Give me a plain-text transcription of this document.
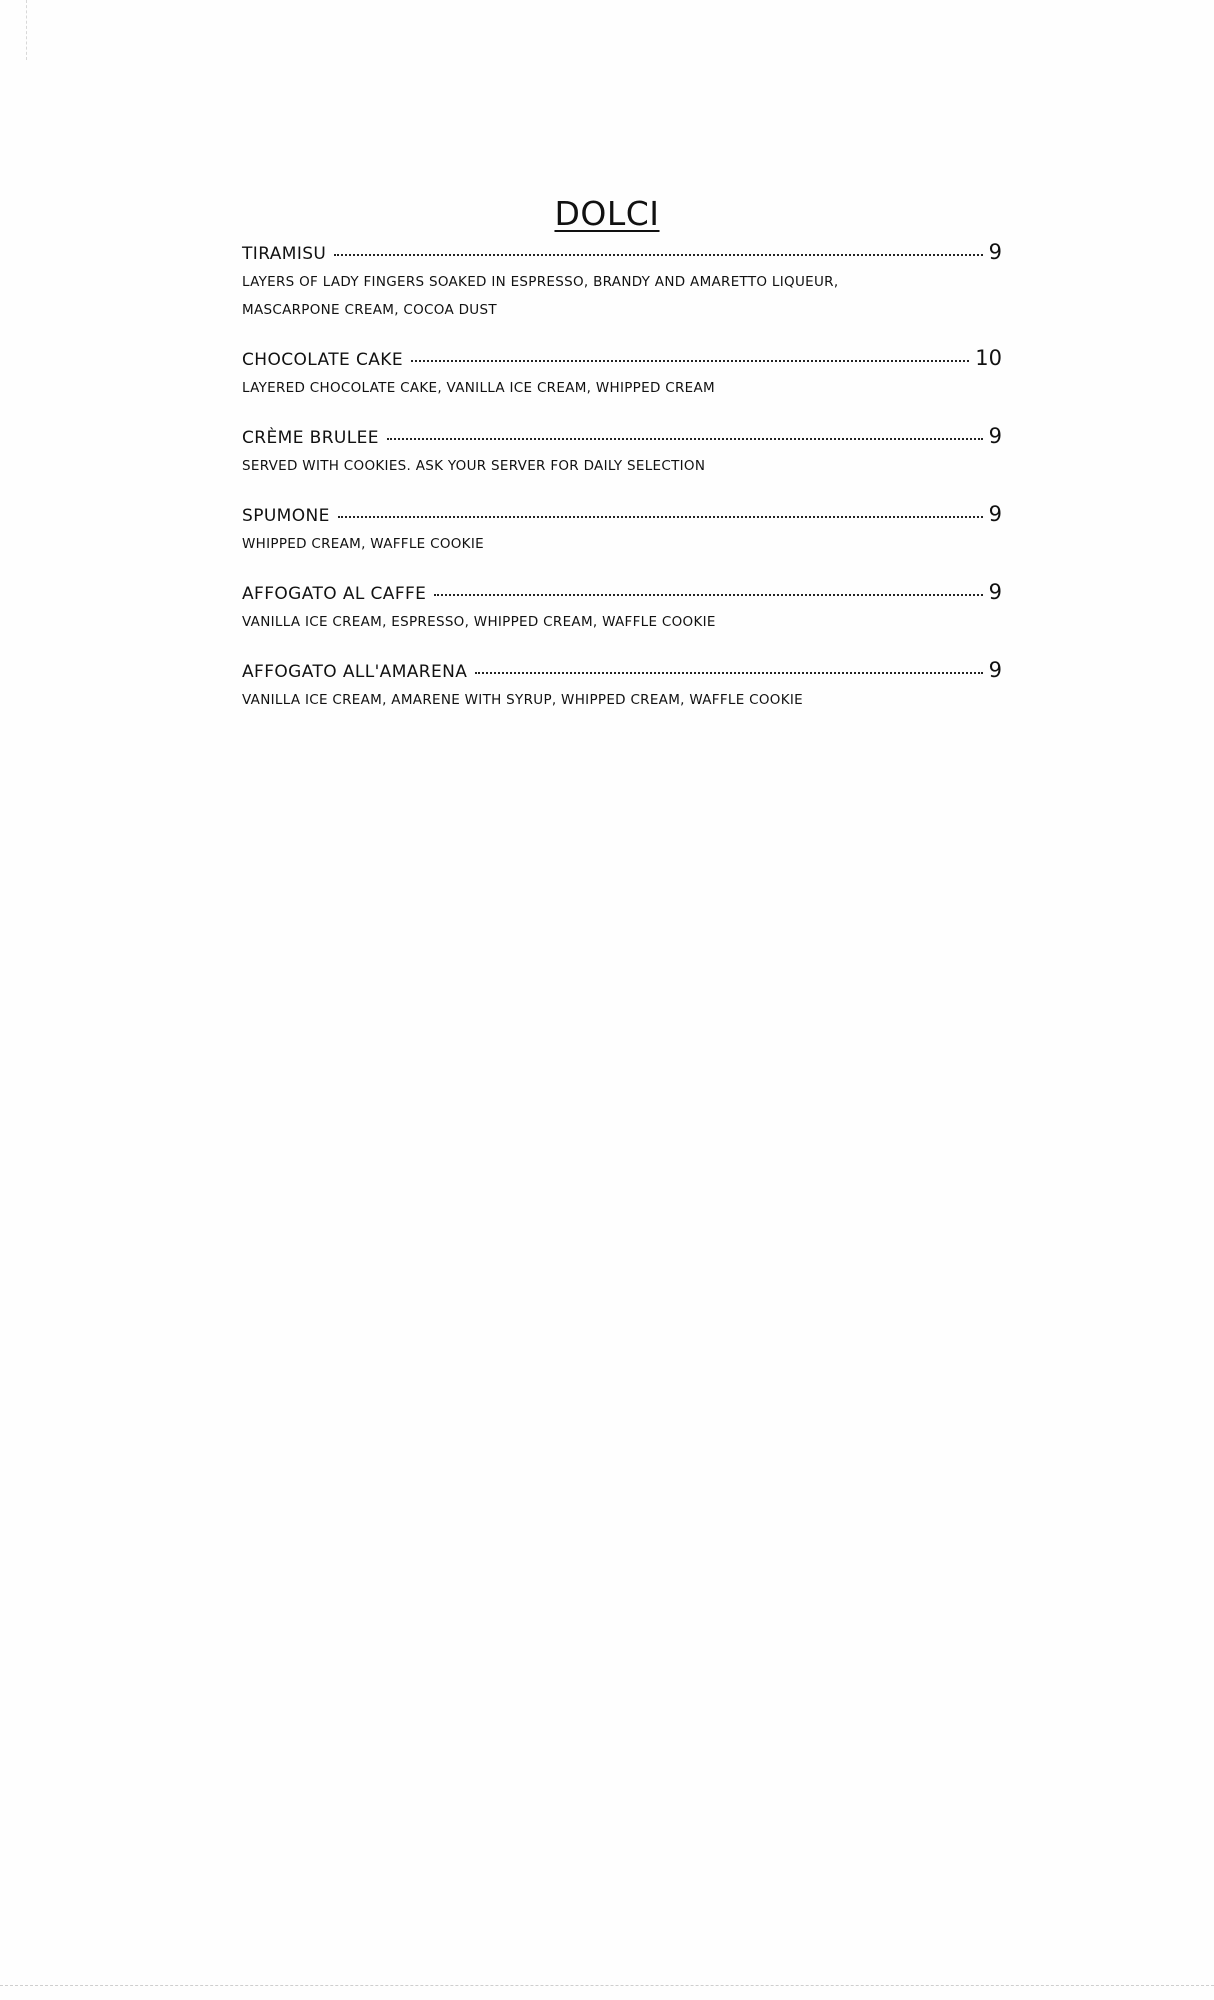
DOLCI
TIRAMISU	9

LAYERS OF LADY FINGERS SOAKED IN ESPRESSO, BRANDY AND AMARETTO LIQUEUR,

MASCARPONE CREAM, COCOA DUST

CHOCOLATE CAKE	10

LAYERED CHOCOLATE CAKE, VANILLA ICE CREAM, WHIPPED CREAM

CRÈME BRULEE	9

SERVED WITH COOKIES. ASK YOUR SERVER FOR DAILY SELECTION

SPUMONE	9

WHIPPED CREAM, WAFFLE COOKIE

AFFOGATO AL CAFFE	9

VANILLA ICE CREAM, ESPRESSO, WHIPPED CREAM, WAFFLE COOKIE

AFFOGATO ALL'AMARENA	9

VANILLA ICE CREAM, AMARENE WITH SYRUP, WHIPPED CREAM, WAFFLE COOKIE
